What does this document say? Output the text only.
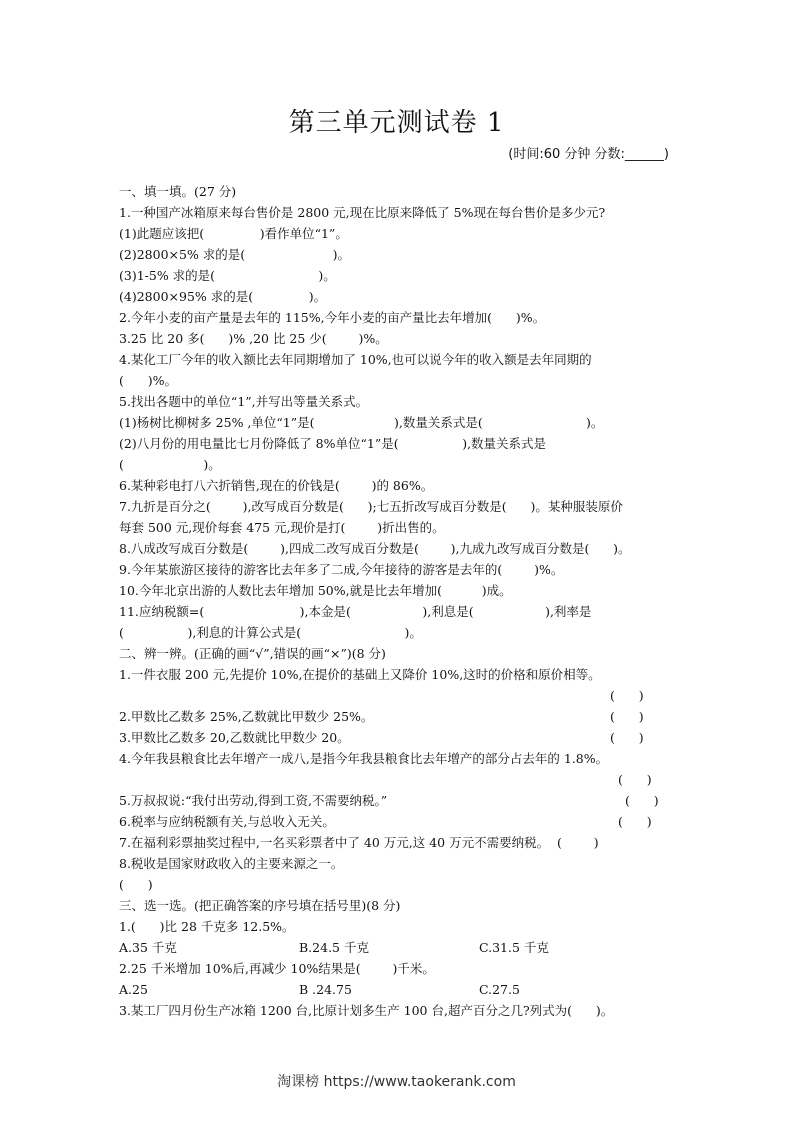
第三单元测试卷 1
(时间:60 分钟 分数:______)
一、填一填。(27 分)
1.一种国产冰箱原来每台售价是 2800 元,现在比原来降低了 5%现在每台售价是多少元?
(1)此题应该把(              )看作单位“1”。
(2)2800×5% 求的是(                      )。
(3)1-5% 求的是(                          )。
(4)2800×95% 求的是(              )。
2.今年小麦的亩产量是去年的 115%,今年小麦的亩产量比去年增加(      )%。
3.25 比 20 多(      )% ,20 比 25 少(        )%。
4.某化工厂今年的收入额比去年同期增加了 10%,也可以说今年的收入额是去年同期的
(      )%。
5.找出各题中的单位“1”,并写出等量关系式。
(1)杨树比柳树多 25% ,单位“1”是(                    ),数量关系式是(                          )。
(2)八月份的用电量比七月份降低了 8%单位“1”是(                ),数量关系式是
(                    )。
6.某种彩电打八六折销售,现在的价钱是(        )的 86%。
7.九折是百分之(        ),改写成百分数是(      );七五折改写成百分数是(      )。某种服装原价
每套 500 元,现价每套 475 元,现价是打(        )折出售的。
8.八成改写成百分数是(        ),四成二改写成百分数是(        ),九成九改写成百分数是(      )。
9.今年某旅游区接待的游客比去年多了二成,今年接待的游客是去年的(        )%。
10.今年北京出游的人数比去年增加 50%,就是比去年增加(          )成。
11.应纳税额=(                        ),本金是(                  ),利息是(                  ),利率是
(                ),利息的计算公式是(                          )。
二、辨一辨。(正确的画“√”,错误的画“×”)(8 分)
1.一件衣服 200 元,先提价 10%,在提价的基础上又降价 10%,这时的价格和原价相等。
(      )
2.甲数比乙数多 25%,乙数就比甲数少 25%。	(      )
3.甲数比乙数多 20,乙数就比甲数少 20。	(      )
4.今年我县粮食比去年增产一成八,是指今年我县粮食比去年增产的部分占去年的 1.8%。
(      )
5.万叔叔说:“我付出劳动,得到工资,不需要纳税。”	(      )
6.税率与应纳税额有关,与总收入无关。	(      )
7.在福利彩票抽奖过程中,一名买彩票者中了 40 万元,这 40 万元不需要纳税。  (        )
8.税收是国家财政收入的主要来源之一。
(      )
三、选一选。(把正确答案的序号填在括号里)(8 分)
1.(      )比 28 千克多 12.5%。
A.35 千克	B.24.5 千克	C.31.5 千克
2.25 千米增加 10%后,再减少 10%结果是(        )千米。
A.25	B .24.75	C.27.5
3.某工厂四月份生产冰箱 1200 台,比原计划多生产 100 台,超产百分之几?列式为(      )。
淘课榜 https://www.taokerank.com
